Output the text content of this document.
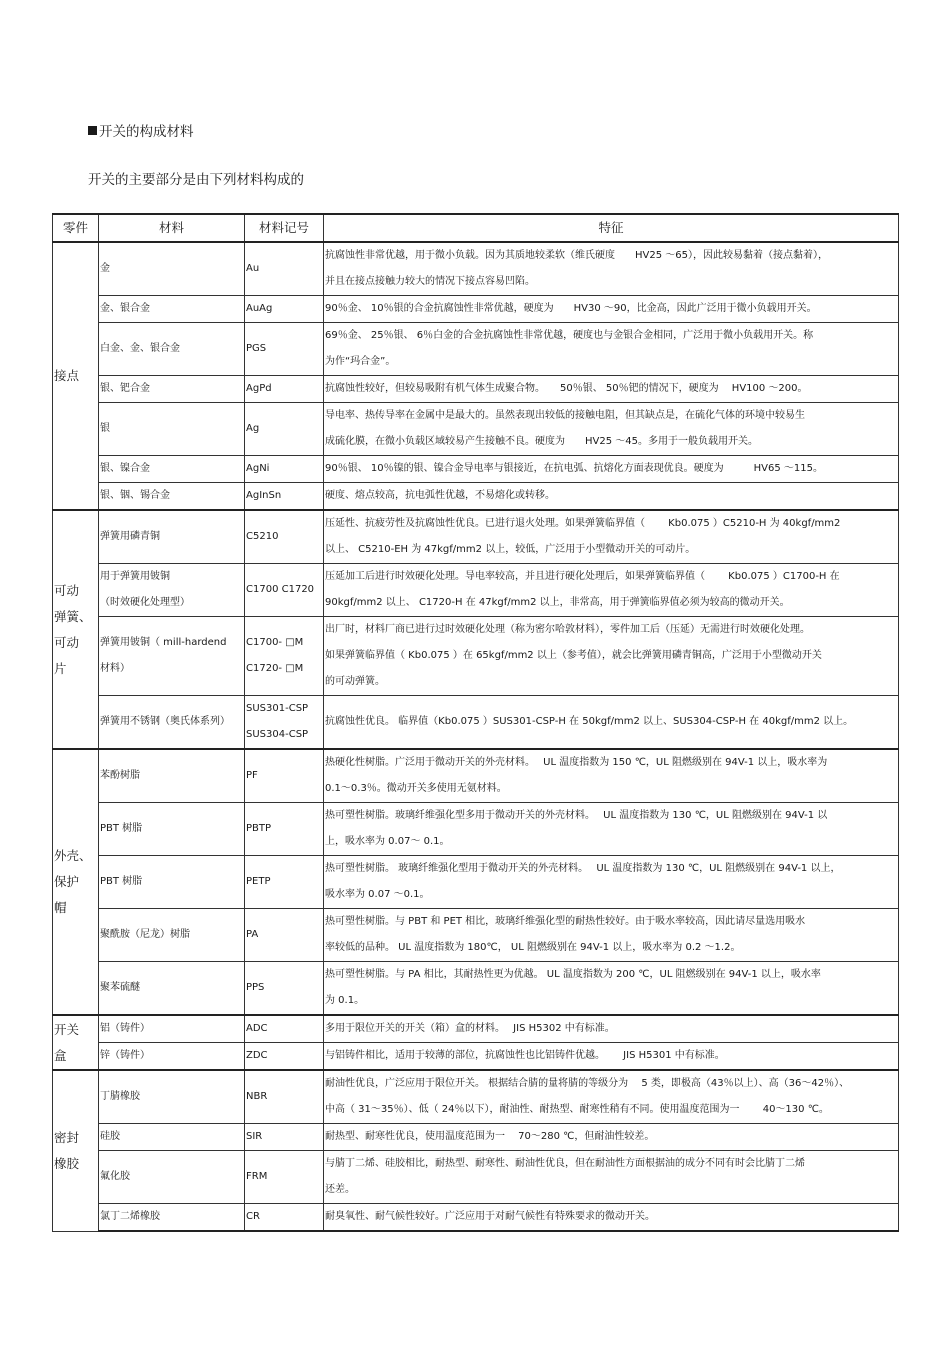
开关的构成材料
开关的主要部分是由下列材料构成的
零件	材料	材料记号	特征

接点	金	Au	抗腐蚀性非常优越，用于微小负载。因为其质地较柔软（维氏硬度　　HV25 ～65），因此较易黏着（接点黏着），
并且在接点接触力较大的情况下接点容易凹陷。

	金、银合金	AuAg	90％金、 10％银的合金抗腐蚀性非常优越，硬度为　　HV30 ～90，比金高，因此广泛用于微小负载用开关。

	白金、金、银合金	PGS	69％金、 25％银、 6％白金的合金抗腐蚀性非常优越，硬度也与金银合金相同，广泛用于微小负载用开关。称
为作“玛合金”。

	银、钯合金	AgPd	抗腐蚀性较好，但较易吸附有机气体生成聚合物。　　50％银、 50％钯的情况下，硬度为　 HV100 ～200。

	银	Ag	导电率、热传导率在金属中是最大的。虽然表现出较低的接触电阻，但其缺点是，在硫化气体的环境中较易生
成硫化膜，在微小负载区域较易产生接触不良。硬度为　　HV25 ～45。多用于一般负载用开关。

	银、镍合金	AgNi	90％银、 10％镍的银、镍合金导电率与银接近，在抗电弧、抗熔化方面表现优良。硬度为　　　HV65 ～115。

	银、铟、锡合金	AgInSn	硬度、熔点较高，抗电弧性优越，不易熔化或转移。

可动
弹簧、
可动
片	弹簧用磷青铜	C5210	压延性、抗疲劳性及抗腐蚀性优良。已进行退火处理。如果弹簧临界值（　　 Kb0.075 ）C5210-H 为 40kgf/mm2
以上、 C5210-EH 为 47kgf/mm2 以上，较低，广泛用于小型微动开关的可动片。

	用于弹簧用铍铜
（时效硬化处理型）	C1700 C1720	压延加工后进行时效硬化处理。导电率较高，并且进行硬化处理后，如果弹簧临界值（　　 Kb0.075 ）C1700-H 在
90kgf/mm2 以上、 C1720-H 在 47kgf/mm2 以上，非常高，用于弹簧临界值必须为较高的微动开关。

	弹簧用铍铜（ mill-hardend
材料）	C1700- □M
C1720- □M	出厂时，材料厂商已进行过时效硬化处理（称为密尔哈敦材料），零件加工后（压延）无需进行时效硬化处理。
如果弹簧临界值（ Kb0.075 ）在 65kgf/mm2 以上（参考值），就会比弹簧用磷青铜高，广泛用于小型微动开关
的可动弹簧。

	弹簧用不锈钢（奥氏体系列）	SUS301-CSP
SUS304-CSP	抗腐蚀性优良。 临界值（Kb0.075 ）SUS301-CSP-H 在 50kgf/mm2 以上、SUS304-CSP-H 在 40kgf/mm2 以上。

外壳、
保护
帽	苯酚树脂	PF	热硬化性树脂。广泛用于微动开关的外壳材料。　 UL 温度指数为 150 ℃，UL 阻燃级别在 94V-1 以上，吸水率为
0.1～0.3％。微动开关多使用无氨材料。

	PBT 树脂	PBTP	热可塑性树脂。玻璃纤维强化型多用于微动开关的外壳材料。　 UL 温度指数为 130 ℃，UL 阻燃级别在 94V-1 以
上，吸水率为 0.07～ 0.1。

	PBT 树脂	PETP	热可塑性树脂。 玻璃纤维强化型用于微动开关的外壳材料。　 UL 温度指数为 130 ℃，UL 阻燃级别在 94V-1 以上，
吸水率为 0.07 ～0.1。

	聚酰胺（尼龙）树脂	PA	热可塑性树脂。与 PBT 和 PET 相比，玻璃纤维强化型的耐热性较好。由于吸水率较高，因此请尽量选用吸水
率较低的品种。 UL 温度指数为 180℃， UL 阻燃级别在 94V-1 以上，吸水率为 0.2 ～1.2。

	聚苯硫醚	PPS	热可塑性树脂。与 PA 相比，其耐热性更为优越。 UL 温度指数为 200 ℃，UL 阻燃级别在 94V-1 以上，吸水率
为 0.1。

开关
盒	铝（铸件）	ADC	多用于限位开关的开关（箱）盒的材料。　 JIS H5302 中有标准。

	锌（铸件）	ZDC	与铝铸件相比，适用于较薄的部位，抗腐蚀性也比铝铸件优越。　　 JIS H5301 中有标准。

密封
橡胶	丁腈橡胶	NBR	耐油性优良，广泛应用于限位开关。 根据结合腈的量将腈的等级分为　 5 类，即极高（43％以上）、高（36～42％）、
中高（ 31～35％）、低（ 24％以下），耐油性、耐热型、耐寒性稍有不同。使用温度范围为一　　 40～130 ℃。

	硅胶	SIR	耐热型、耐寒性优良，使用温度范围为一　 70～280 ℃，但耐油性较差。

	氟化胶	FRM	与腈丁二烯、硅胶相比，耐热型、耐寒性、耐油性优良，但在耐油性方面根据油的成分不同有时会比腈丁二烯
还差。

	氯丁二烯橡胶	CR	耐臭氧性、耐气候性较好。广泛应用于对耐气候性有特殊要求的微动开关。
